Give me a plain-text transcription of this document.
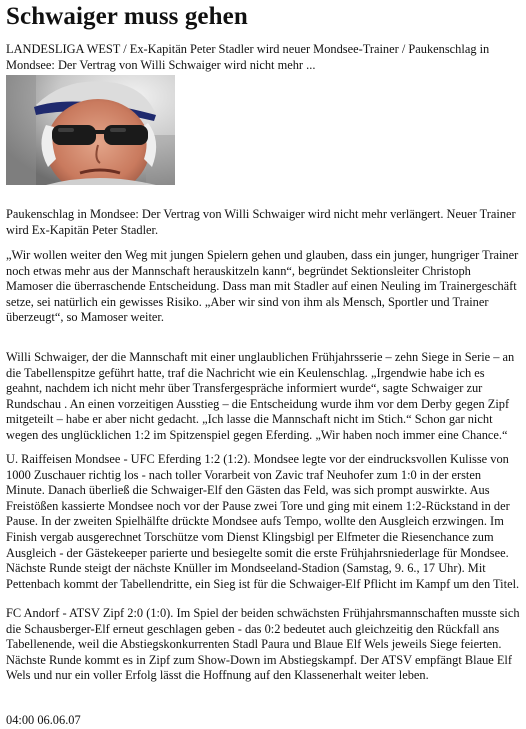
Schwaiger muss gehen
LANDESLIGA WEST / Ex-Kapitän Peter Stadler wird neuer Mondsee-Trainer / Paukenschlag in Mondsee: Der Vertrag von Willi Schwaiger wird nicht mehr ...

Paukenschlag in Mondsee: Der Vertrag von Willi Schwaiger wird nicht mehr verlängert. Neuer Trainer wird Ex-Kapitän Peter Stadler.

„Wir wollen weiter den Weg mit jungen Spielern gehen und glauben, dass ein junger, hungriger Trainer noch etwas mehr aus der Mannschaft herauskitzeln kann“, begründet Sektionsleiter Christoph Mamoser die überraschende Entscheidung. Dass man mit Stadler auf einen Neuling im Trainergeschäft setze, sei natürlich ein gewisses Risiko. „Aber wir sind von ihm als Mensch, Sportler und Trainer überzeugt“, so Mamoser weiter.

Willi Schwaiger, der die Mannschaft mit einer unglaublichen Frühjahrsserie – zehn Siege in Serie – an die Tabellenspitze geführt hatte, traf die Nachricht wie ein Keulenschlag. „Irgendwie habe ich es geahnt, nachdem ich nicht mehr über Transfergespräche informiert wurde“, sagte Schwaiger zur Rundschau . An einen vorzeitigen Ausstieg – die Entscheidung wurde ihm vor dem Derby gegen Zipf mitgeteilt – habe er aber nicht gedacht. „Ich lasse die Mannschaft nicht im Stich.“ Schon gar nicht wegen des unglücklichen 1:2 im Spitzenspiel gegen Eferding. „Wir haben noch immer eine Chance.“

U. Raiffeisen Mondsee - UFC Eferding 1:2 (1:2). Mondsee legte vor der eindrucksvollen Kulisse von 1000 Zuschauer richtig los - nach toller Vorarbeit von Zavic traf Neuhofer zum 1:0 in der ersten Minute. Danach überließ die Schwaiger-Elf den Gästen das Feld, was sich prompt auswirkte. Aus Freistößen kassierte Mondsee noch vor der Pause zwei Tore und ging mit einem 1:2-Rückstand in der Pause. In der zweiten Spielhälfte drückte Mondsee aufs Tempo, wollte den Ausgleich erzwingen. Im Finish vergab ausgerechnet Torschütze vom Dienst Klingsbigl per Elfmeter die Riesenchance zum Ausgleich - der Gästekeeper parierte und besiegelte somit die erste Frühjahrsniederlage für Mondsee. Nächste Runde steigt der nächste Knüller im Mondseeland-Stadion (Samstag, 9. 6., 17 Uhr). Mit Pettenbach kommt der Tabellendritte, ein Sieg ist für die Schwaiger-Elf Pflicht im Kampf um den Titel.

FC Andorf - ATSV Zipf 2:0 (1:0). Im Spiel der beiden schwächsten Frühjahrsmannschaften musste sich die Schausberger-Elf erneut geschlagen geben - das 0:2 bedeutet auch gleichzeitig den Rückfall ans Tabellenende, weil die Abstiegskonkurrenten Stadl Paura und Blaue Elf Wels jeweils Siege feierten. Nächste Runde kommt es in Zipf zum Show-Down im Abstiegskampf. Der ATSV empfängt Blaue Elf Wels und nur ein voller Erfolg lässt die Hoffnung auf den Klassenerhalt weiter leben.

04:00 06.06.07
